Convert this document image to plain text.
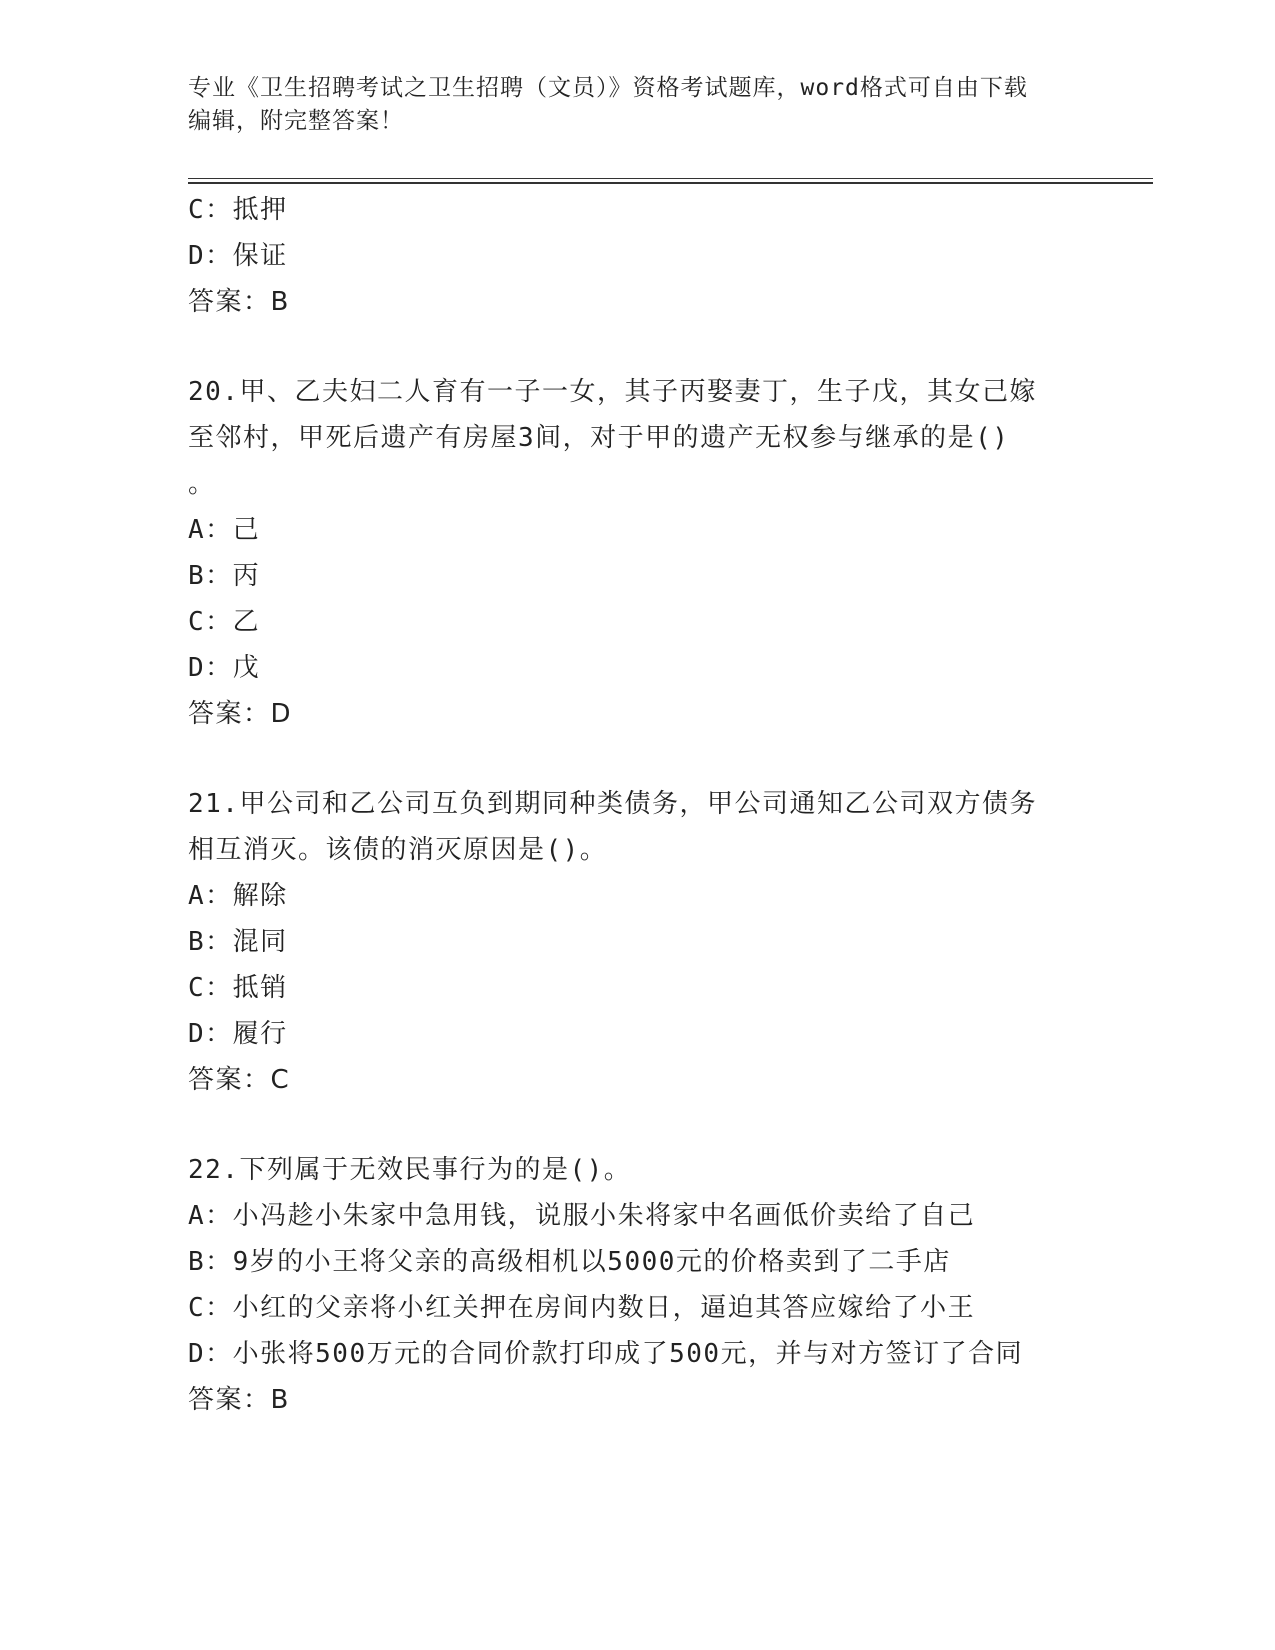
专业《卫生招聘考试之卫生招聘（文员）》资格考试题库，word格式可自由下载
编辑，附完整答案！
C：抵押
D：保证
答案：B
20.甲、乙夫妇二人育有一子一女，其子丙娶妻丁，生子戊，其女己嫁
至邻村，甲死后遗产有房屋3间，对于甲的遗产无权参与继承的是()
。
A：己
B：丙
C：乙
D：戊
答案：D
21.甲公司和乙公司互负到期同种类债务，甲公司通知乙公司双方债务
相互消灭。该债的消灭原因是()。
A：解除
B：混同
C：抵销
D：履行
答案：C
22.下列属于无效民事行为的是()。
A：小冯趁小朱家中急用钱，说服小朱将家中名画低价卖给了自己
B：9岁的小王将父亲的高级相机以5000元的价格卖到了二手店
C：小红的父亲将小红关押在房间内数日，逼迫其答应嫁给了小王
D：小张将500万元的合同价款打印成了500元，并与对方签订了合同
答案：B
